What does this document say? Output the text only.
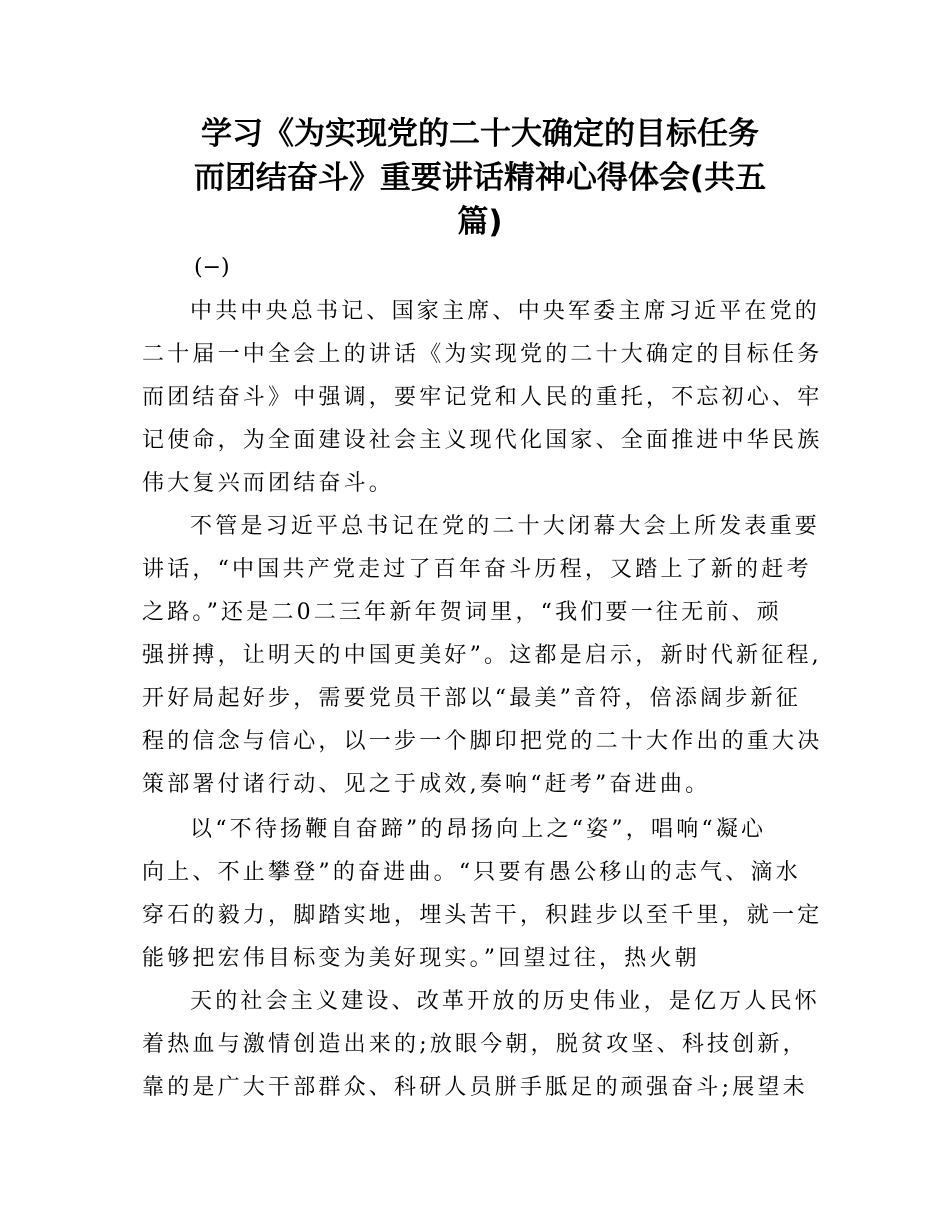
学习《为实现党的二十大确定的目标任务
而团结奋斗》重要讲话精神心得体会(共五
篇)
(−)
中共中央总书记、国家主席、中央军委主席习近平在党的
二十届一中全会上的讲话《为实现党的二十大确定的目标任务
而团结奋斗》中强调，要牢记党和人民的重托，不忘初心、牢
记使命，为全面建设社会主义现代化国家、全面推进中华民族
伟大复兴而团结奋斗。
不管是习近平总书记在党的二十大闭幕大会上所发表重要
讲话，“中国共产党走过了百年奋斗历程，又踏上了新的赶考
之路。”还是二0二三年新年贺词里，“我们要一往无前、顽
强拼搏，让明天的中国更美好”。这都是启示，新时代新征程,
开好局起好步，需要党员干部以“最美”音符，倍添阔步新征
程的信念与信心，以一步一个脚印把党的二十大作出的重大决
策部署付诸行动、见之于成效,奏响“赶考”奋进曲。
以“不待扬鞭自奋蹄”的昂扬向上之“姿”，唱响“凝心
向上、不止攀登”的奋进曲。“只要有愚公移山的志气、滴水
穿石的毅力，脚踏实地，埋头苦干，积跬步以至千里，就一定
能够把宏伟目标变为美好现实。”回望过往，热火朝
天的社会主义建设、改革开放的历史伟业，是亿万人民怀
着热血与激情创造出来的;放眼今朝，脱贫攻坚、科技创新，
靠的是广大干部群众、科研人员胼手胝足的顽强奋斗;展望未
